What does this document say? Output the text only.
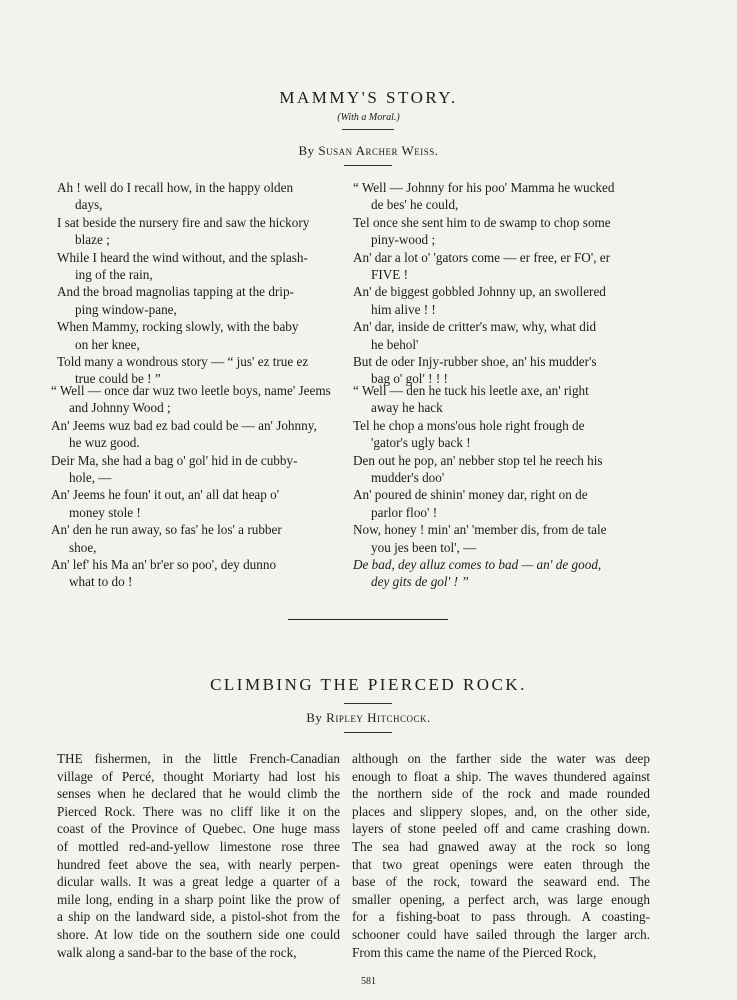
MAMMY'S STORY.
(With a Moral.)
By Susan Archer Weiss.
Ah ! well do I recall how, in the happy olden
days,
I sat beside the nursery fire and saw the hickory
blaze ;
While I heard the wind without, and the splash-
ing of the rain,
And the broad magnolias tapping at the drip-
ping window-pane,
When Mammy, rocking slowly, with the baby
on her knee,
Told many a wondrous story — “ jus' ez true ez
true could be ! ”
“ Well — once dar wuz two leetle boys, name' Jeems
and Johnny Wood ;
An' Jeems wuz bad ez bad could be — an' Johnny,
he wuz good.
Deir Ma, she had a bag o' gol' hid in de cubby-
hole, —
An' Jeems he foun' it out, an' all dat heap o'
money stole !
An' den he run away, so fas' he los' a rubber
shoe,
An' lef' his Ma an' br'er so poo', dey dunno
what to do !
“ Well — Johnny for his poo' Mamma he wucked
de bes' he could,
Tel once she sent him to de swamp to chop some
piny-wood ;
An' dar a lot o' 'gators come — er free, er FO', er
FIVE !
An' de biggest gobbled Johnny up, an swollered
him alive ! !
An' dar, inside de critter's maw, why, what did
he behol'
But de oder Injy-rubber shoe, an' his mudder's
bag o' gol' ! ! !
“ Well — den he tuck his leetle axe, an' right
away he hack
Tel he chop a mons'ous hole right frough de
'gator's ugly back !
Den out he pop, an' nebber stop tel he reech his
mudder's doo'
An' poured de shinin' money dar, right on de
parlor floo' !
Now, honey ! min' an' 'member dis, from de tale
you jes been tol', —
De bad, dey alluz comes to bad — an' de good,
dey gits de gol' ! ”
CLIMBING THE PIERCED ROCK.
By Ripley Hitchcock.
THE fishermen, in the little French-Canadian
village of Percé, thought Moriarty had lost his
senses when he declared that he would climb the
Pierced Rock. There was no cliff like it on the
coast of the Province of Quebec. One huge mass
of mottled red-and-yellow limestone rose three
hundred feet above the sea, with nearly perpen-
dicular walls. It was a great ledge a quarter of a
mile long, ending in a sharp point like the prow of
a ship on the landward side, a pistol-shot from the
shore. At low tide on the southern side one could
walk along a sand-bar to the base of the rock,
although on the farther side the water was deep
enough to float a ship. The waves thundered against
the northern side of the rock and made rounded
places and slippery slopes, and, on the other side,
layers of stone peeled off and came crashing down.
The sea had gnawed away at the rock so long
that two great openings were eaten through the
base of the rock, toward the seaward end. The
smaller opening, a perfect arch, was large enough
for a fishing-boat to pass through. A coasting-
schooner could have sailed through the larger arch.
From this came the name of the Pierced Rock,
581
